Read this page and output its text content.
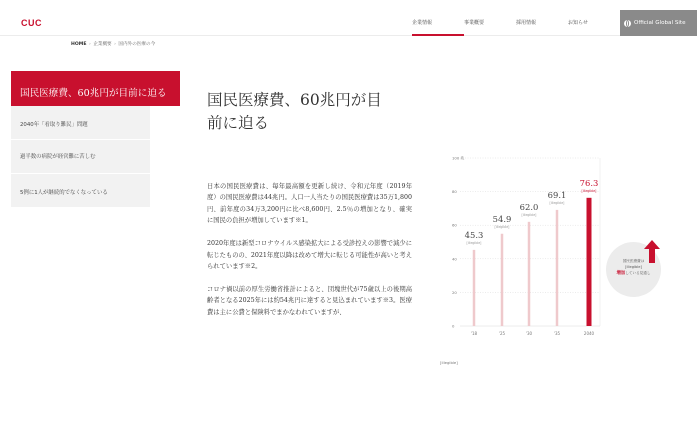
CUC	企業情報	事業概要	採用情報	お知らせ	Official Global Site
HOME › 企業概要 › 国内外の医療の今
国民医療費、60兆円が目前に迫る
2040年「看取り難民」問題
過半数の病院が経営難に苦しむ
5例に1人が継続的でなくなっている
国民医療費、60兆円が目
前に迫る

日本の国民医療費は、毎年最高額を更新し続け、令和元年度（2019年度）の国民医療費は44兆円。人口一人当たりの国民医療費は35万1,800円、前年度の34万3,200円に比べ8,600円、2.5％の増加となり、確実に国民の負担が増加しています※1。

2020年度は新型コロナウイルス感染拡大による受診控えの影響で減少に転じたものの、2021年度以降は改めて増大に転じる可能性が高いと考えられています※2。

コロナ禍以前の厚生労働省推計によると、団塊世代が75歳以上の後期高齢者となる2025年には約54兆円に達すると見込まれています※3。医療費は主に公費と保険料でまかなわれていますが、

0
20
40
60
80
100 兆
45.3
[illegible]
'18
54.9
[illegible]
'25
62.0
[illegible]
'30
69.1
[illegible]
'35
76.3
[illegible]
2040
[illegible]
国民医療費は
[illegible]
増加している見通し
